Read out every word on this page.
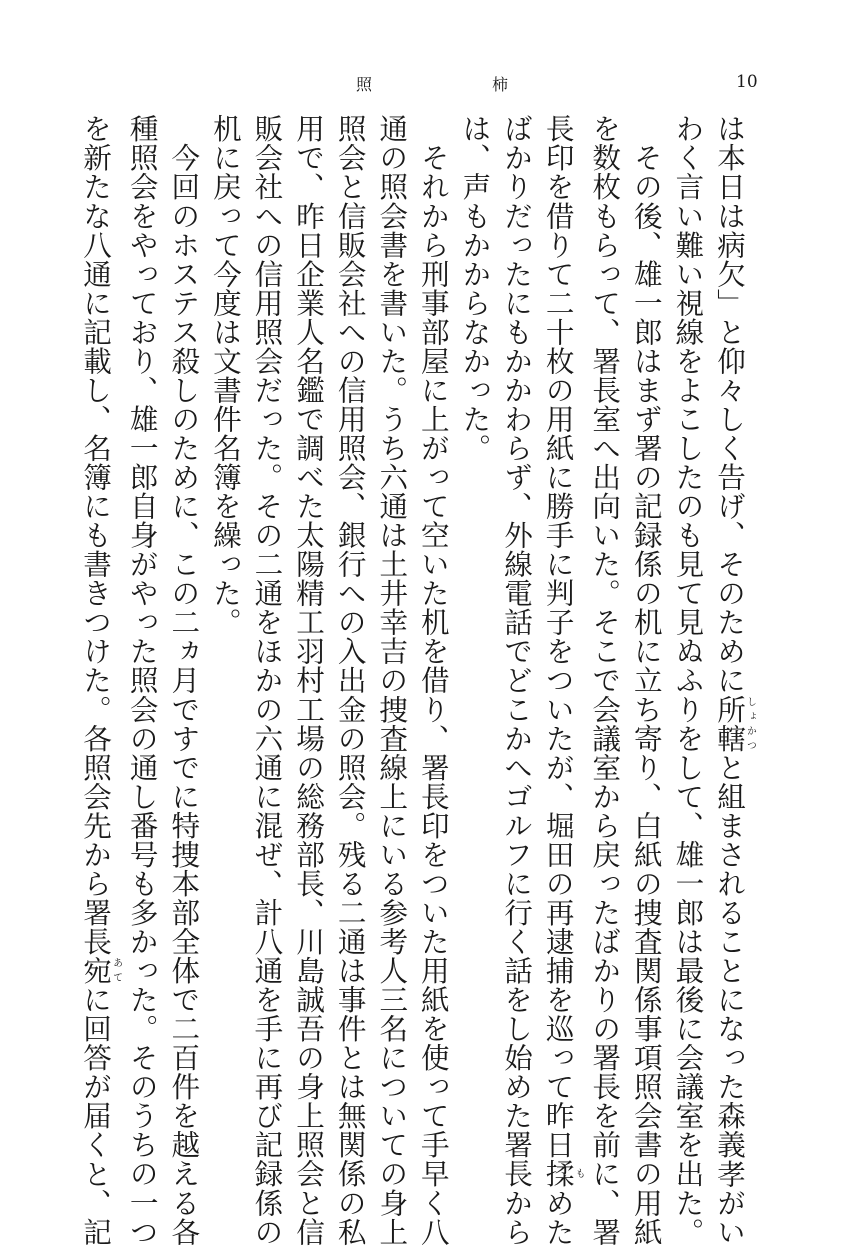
照	柿	10
は本日は病欠」と仰々しく告げ、そのために所轄しょかつと組まされることになった森義孝がい
わく言い難い視線をよこしたのも見て見ぬふりをして、雄一郎は最後に会議室を出た。
　その後、雄一郎はまず署の記録係の机に立ち寄り、白紙の捜査関係事項照会書の用紙
を数枚もらって、署長室へ出向いた。そこで会議室から戻ったばかりの署長を前に、署
長印を借りて二十枚の用紙に勝手に判子をついたが、堀田の再逮捕を巡って昨日揉もめた
ばかりだったにもかかわらず、外線電話でどこかへゴルフに行く話をし始めた署長から
は、声もかからなかった。
　それから刑事部屋に上がって空いた机を借り、署長印をついた用紙を使って手早く八
通の照会書を書いた。うち六通は土井幸吉の捜査線上にいる参考人三名についての身上
照会と信販会社への信用照会、銀行への入出金の照会。残る二通は事件とは無関係の私
用で、昨日企業人名鑑で調べた太陽精工羽村工場の総務部長、川島誠吾の身上照会と信
販会社への信用照会だった。その二通をほかの六通に混ぜ、計八通を手に再び記録係の
机に戻って今度は文書件名簿を繰った。
　今回のホステス殺しのために、この二ヵ月ですでに特捜本部全体で二百件を越える各
種照会をやっており、雄一郎自身がやった照会の通し番号も多かった。そのうちの一つ
を新たな八通に記載し、名簿にも書きつけた。各照会先から署長宛あてに回答が届くと、記
